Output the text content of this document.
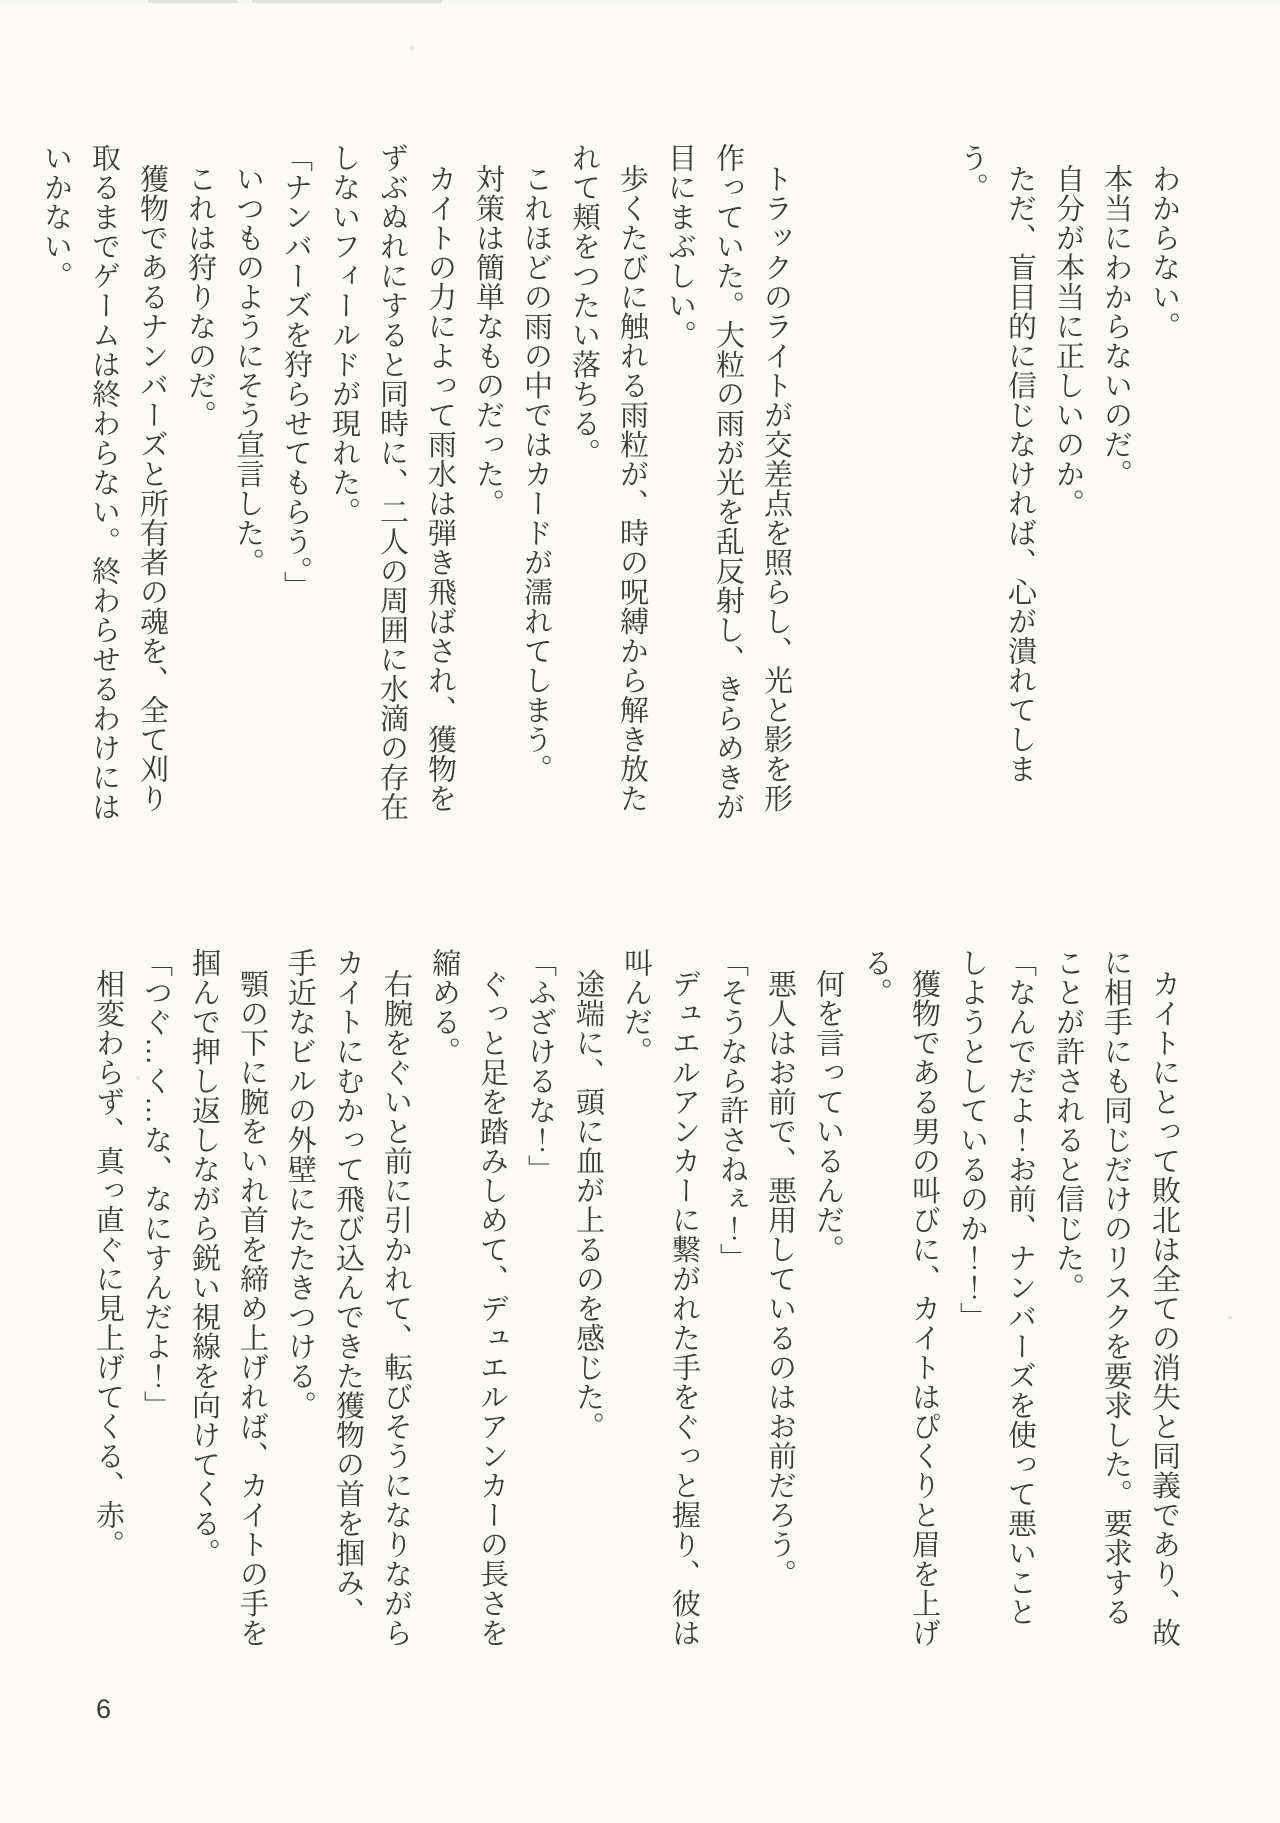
わからない。

本当にわからないのだ。

自分が本当に正しいのか。

ただ、盲目的に信じなければ、心が潰れてしまう。

トラックのライトが交差点を照らし、光と影を形作っていた。大粒の雨が光を乱反射し、きらめきが目にまぶしい。

歩くたびに触れる雨粒が、時の呪縛から解き放たれて頬をつたい落ちる。

これほどの雨の中ではカードが濡れてしまう。

対策は簡単なものだった。

カイトの力によって雨水は弾き飛ばされ、獲物をずぶぬれにすると同時に、二人の周囲に水滴の存在しないフィールドが現れた。

「ナンバーズを狩らせてもらう。」

いつものようにそう宣言した。

これは狩りなのだ。

獲物であるナンバーズと所有者の魂を、全て刈り取るまでゲームは終わらない。終わらせるわけにはいかない。

カイトにとって敗北は全ての消失と同義であり、故に相手にも同じだけのリスクを要求した。要求することが許されると信じた。

「なんでだよ！お前、ナンバーズを使って悪いことしようとしているのか！！」

獲物である男の叫びに、カイトはぴくりと眉を上げる。

何を言っているんだ。

悪人はお前で、悪用しているのはお前だろう。

「そうなら許さねぇ！」

デュエルアンカーに繋がれた手をぐっと握り、彼は叫んだ。

途端に、頭に血が上るのを感じた。

「ふざけるな！」

ぐっと足を踏みしめて、デュエルアンカーの長さを縮める。

右腕をぐいと前に引かれて、転びそうになりながらカイトにむかって飛び込んできた獲物の首を掴み、手近なビルの外壁にたたきつける。

顎の下に腕をいれ首を締め上げれば、カイトの手を掴んで押し返しながら鋭い視線を向けてくる。

「つぐ…く…な、なにすんだよ！」

相変わらず、真っ直ぐに見上げてくる、赤。

6
